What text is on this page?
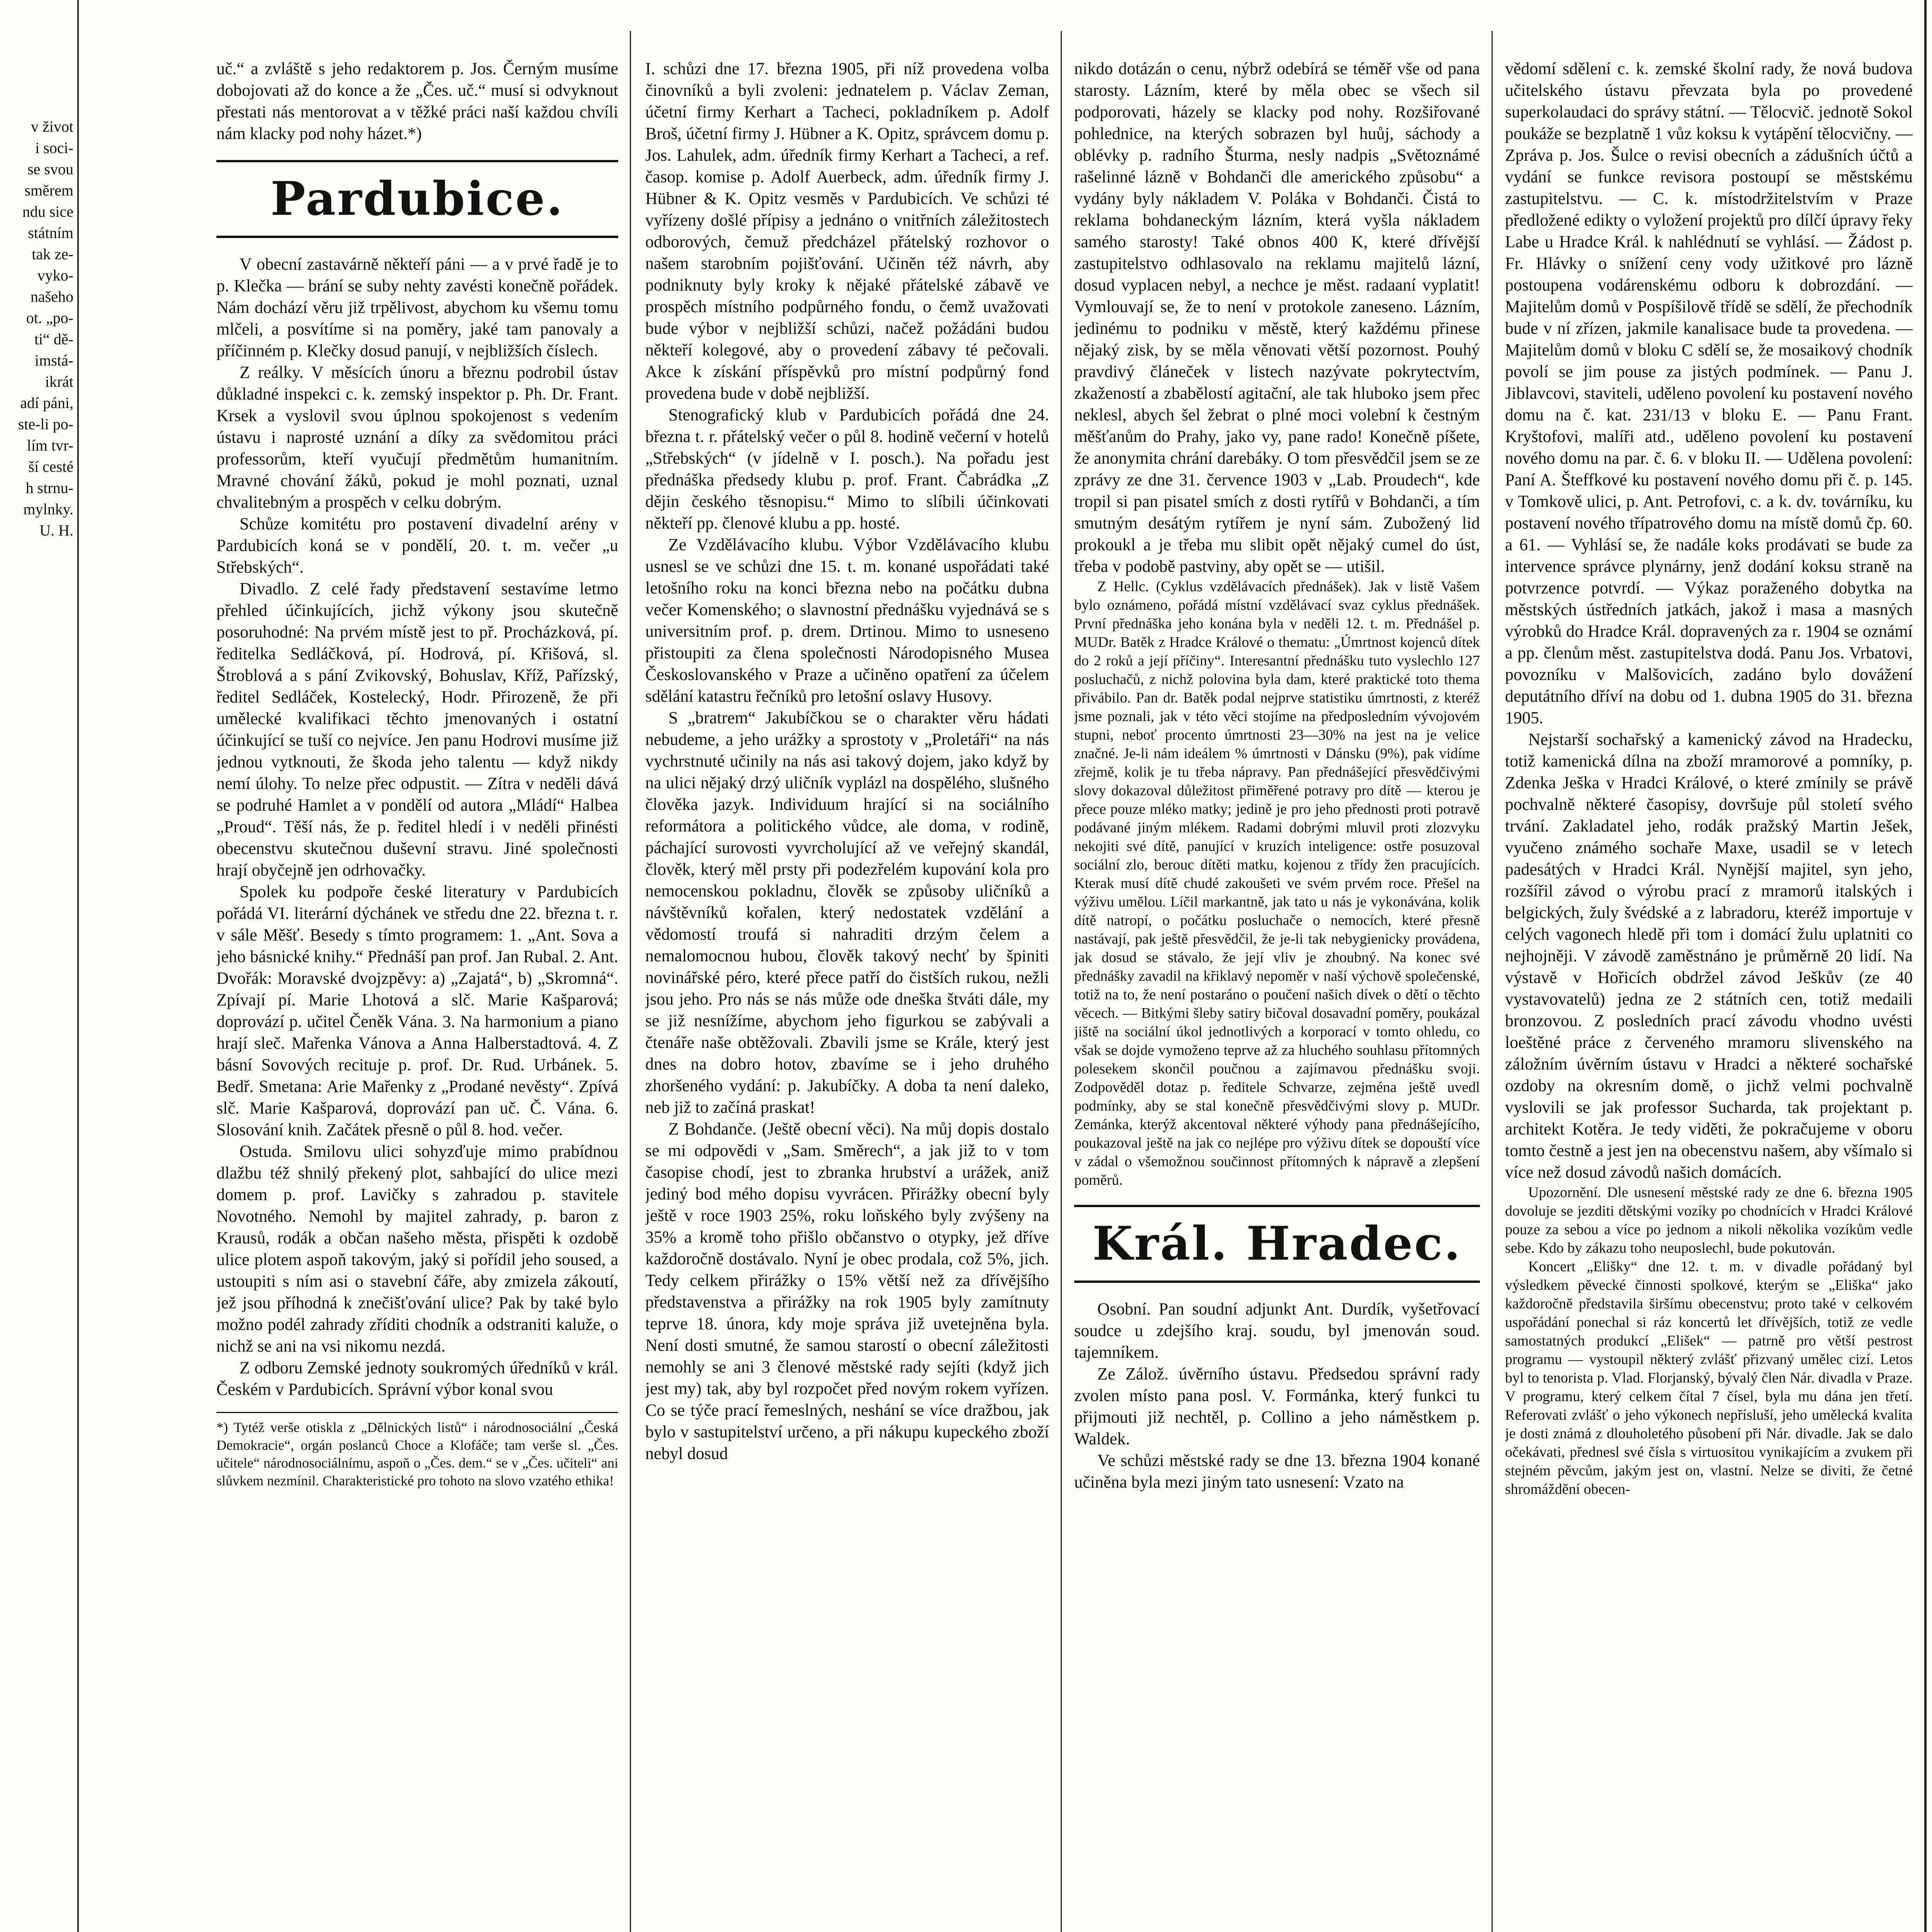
v život
i soci-
se svou
směrem
ndu sice
státním
tak ze-
vyko-
našeho
ot. „po-
ti“ dě-
imstá-
ikrát
adí páni,
ste-li po-
lím tvr-
ší cesté
h strnu-
mylnky.
U. H.

uč.“ a zvláště s jeho redaktorem p. Jos. Černým musíme dobojovati až do konce a že „Čes. uč.“ musí si odvyknout přestati nás mentorovat a v těžké práci naší každou chvíli nám klacky pod nohy házet.*)

Pardubice.

V obecní zastavárně někteří páni — a v prvé řadě je to p. Klečka — brání se suby nehty zavésti konečně pořádek. Nám dochází věru již trpělivost, abychom ku všemu tomu mlčeli, a posvítíme si na poměry, jaké tam panovaly a příčinném p. Klečky dosud panují, v nejbližších číslech.

Z reálky. V měsících únoru a březnu podrobil ústav důkladné inspekci c. k. zemský inspektor p. Ph. Dr. Frant. Krsek a vyslovil svou úplnou spokojenost s vedením ústavu i naprosté uznání a díky za svědomitou práci professorům, kteří vyučují předmětům humanitním. Mravné chování žáků, pokud je mohl poznati, uznal chvalitebným a prospěch v celku dobrým.

Schůze komitétu pro postavení divadelní arény v Pardubicích koná se v pondělí, 20. t. m. večer „u Střebských“.

Divadlo. Z celé řady představení sestavíme letmo přehled účinkujících, jichž výkony jsou skutečně posoruhodné: Na prvém místě jest to př. Procházková, pí. ředitelka Sedláčková, pí. Hodrová, pí. Křišová, sl. Štroblová a s pání Zvikovský, Bohuslav, Kříž, Pařízský, ředitel Sedláček, Kostelecký, Hodr. Přirozeně, že při umělecké kvalifikaci těchto jmenovaných i ostatní účinkující se tuší co nejvíce. Jen panu Hodrovi musíme již jednou vytknouti, že škoda jeho talentu — když nikdy nemí úlohy. To nelze přec odpustit. — Zítra v neděli dává se podruhé Hamlet a v pondělí od autora „Mládí“ Halbea „Proud“. Těší nás, že p. ředitel hledí i v neděli přinésti obecenstvu skutečnou duševní stravu. Jiné společnosti hrají obyčejně jen odrhovačky.

Spolek ku podpoře české literatury v Pardubicích pořádá VI. literární dýchánek ve středu dne 22. března t. r. v sále Měšť. Besedy s tímto programem: 1. „Ant. Sova a jeho básnické knihy.“ Přednáší pan prof. Jan Rubal. 2. Ant. Dvořák: Moravské dvojzpěvy: a) „Zajatá“, b) „Skromná“. Zpívají pí. Marie Lhotová a slč. Marie Kašparová; doprovází p. učitel Čeněk Vána. 3. Na harmonium a piano hrají sleč. Mařenka Vánova a Anna Halberstadtová. 4. Z básní Sovových recituje p. prof. Dr. Rud. Urbánek. 5. Bedř. Smetana: Arie Mařenky z „Prodané nevěsty“. Zpívá slč. Marie Kašparová, doprovází pan uč. Č. Vána. 6. Slosování knih. Začátek přesně o půl 8. hod. večer.

Ostuda. Smilovu ulici sohyzďuje mimo prabídnou dlažbu též shnilý překený plot, sahbající do ulice mezi domem p. prof. Lavičky s zahradou p. stavitele Novotného. Nemohl by majitel zahrady, p. baron z Krausů, rodák a občan našeho města, přispěti k ozdobě ulice plotem aspoň takovým, jaký si pořídil jeho soused, a ustoupiti s ním asi o stavební čáře, aby zmizela zákoutí, jež jsou příhodná k znečišťování ulice? Pak by také bylo možno podél zahrady zříditi chodník a odstraniti kaluže, o nichž se ani na vsi nikomu nezdá.

Z odboru Zemské jednoty soukromých úředníků v král. Českém v Pardubicích. Správní výbor konal svou

*) Tytéž verše otiskla z „Dělnických listů“ i národnosociální „Česká Demokracie“, orgán poslanců Choce a Klofáče; tam verše sl. „Čes. učitele“ národnosociálnímu, aspoň o „Čes. dem.“ se v „Čes. učiteli“ ani slůvkem nezmínil. Charakteristické pro tohoto na slovo vzatého ethika!

I. schůzi dne 17. března 1905, při níž provedena volba činovníků a byli zvoleni: jednatelem p. Václav Zeman, účetní firmy Kerhart a Tacheci, pokladníkem p. Adolf Broš, účetní firmy J. Hübner a K. Opitz, správcem domu p. Jos. Lahulek, adm. úředník firmy Kerhart a Tacheci, a ref. časop. komise p. Adolf Auerbeck, adm. úředník firmy J. Hübner & K. Opitz vesměs v Pardubicích. Ve schůzi té vyřízeny došlé přípisy a jednáno o vnitřních záležitostech odborových, čemuž předcházel přátelský rozhovor o našem starobním pojišťování. Učiněn též návrh, aby podniknuty byly kroky k nějaké přátelské zábavě ve prospěch místního podpůrného fondu, o čemž uvažovati bude výbor v nejbližší schůzi, načež požádáni budou někteří kolegové, aby o provedení zábavy té pečovali. Akce k získání příspěvků pro místní podpůrný fond provedena bude v době nejbližší.

Stenografický klub v Pardubicích pořádá dne 24. března t. r. přátelský večer o půl 8. hodině večerní v hotelů „Střebských“ (v jídelně v I. posch.). Na pořadu jest přednáška předsedy klubu p. prof. Frant. Čabrádka „Z dějin českého těsnopisu.“ Mimo to slíbili účinkovati někteří pp. členové klubu a pp. hosté.

Ze Vzdělávacího klubu. Výbor Vzdělávacího klubu usnesl se ve schůzi dne 15. t. m. konané uspořádati také letošního roku na konci března nebo na počátku dubna večer Komenského; o slavnostní přednášku vyjednává se s universitním prof. p. drem. Drtinou. Mimo to usneseno přistoupiti za člena společnosti Národopisného Musea Českoslovanského v Praze a učiněno opatření za účelem sdělání katastru řečníků pro letošní oslavy Husovy.

S „bratrem“ Jakubíčkou se o charakter věru hádati nebudeme, a jeho urážky a sprostoty v „Proletáři“ na nás vychrstnuté učinily na nás asi takový dojem, jako když by na ulici nějaký drzý uličník vyplázl na dospělého, slušného člověka jazyk. Individuum hrající si na sociálního reformátora a politického vůdce, ale doma, v rodině, páchající surovosti vyvrcholující až ve veřejný skandál, člověk, který měl prsty při podezřelém kupování kola pro nemocenskou pokladnu, člověk se způsoby uličníků a návštěvníků kořalen, který nedostatek vzdělání a vědomostí troufá si nahraditi drzým čelem a nemalomocnou hubou, člověk takový nechť by špiniti novinářské péro, které přece patří do čistších rukou, nežli jsou jeho. Pro nás se nás může ode dneška štváti dále, my se již nesnížíme, abychom jeho figurkou se zabývali a čtenáře naše obtěžovali. Zbavili jsme se Krále, který jest dnes na dobro hotov, zbavíme se i jeho druhého zhoršeného vydání: p. Jakubíčky. A doba ta není daleko, neb již to začíná praskat!

Z Bohdanče. (Ještě obecní věci). Na můj dopis dostalo se mi odpovědi v „Sam. Směrech“, a jak již to v tom časopise chodí, jest to zbranka hrubství a urážek, aniž jediný bod mého dopisu vyvrácen. Přirážky obecní byly ještě v roce 1903 25%, roku loňského byly zvýšeny na 35% a kromě toho přišlo občanstvo o otypky, jež dříve každoročně dostávalo. Nyní je obec prodala, což 5%, jich. Tedy celkem přirážky o 15% větší než za dřívějšího představenstva a přirážky na rok 1905 byly zamítnuty teprve 18. února, kdy moje správa již uvetejněna byla. Není dosti smutné, že samou starostí o obecní záležitosti nemohly se ani 3 členové městské rady sejíti (když jich jest my) tak, aby byl rozpočet před novým rokem vyřízen. Co se týče prací řemeslných, neshání se více dražbou, jak bylo v sastupitelství určeno, a při nákupu kupeckého zboží nebyl dosud

nikdo dotázán o cenu, nýbrž odebírá se téměř vše od pana starosty. Lázním, které by měla obec se všech sil podporovati, házely se klacky pod nohy. Rozšiřované pohlednice, na kterých sobrazen byl huůj, sáchody a oblévky p. radního Šturma, nesly nadpis „Světoznámé rašelinné lázně v Bohdanči dle amerického způsobu“ a vydány byly nákladem V. Poláka v Bohdanči. Čistá to reklama bohdaneckým lázním, která vyšla nákladem samého starosty! Také obnos 400 K, které dřívější zastupitelstvo odhlasovalo na reklamu majitelů lázní, dosud vyplacen nebyl, a nechce je měst. radaaní vyplatit! Vymlouvají se, že to není v protokole zaneseno. Lázním, jedinému to podniku v městě, který každému přinese nějaký zisk, by se měla věnovati větší pozornost. Pouhý pravdivý článeček v listech nazývate pokrytectvím, zkažeností a zbabělostí agitační, ale tak hluboko jsem přec neklesl, abych šel žebrat o plné moci volební k čestným měšťanům do Prahy, jako vy, pane rado! Konečně píšete, že anonymita chrání darebáky. O tom přesvědčil jsem se ze zprávy ze dne 31. července 1903 v „Lab. Proudech“, kde tropil si pan pisatel smích z dosti rytířů v Bohdanči, a tím smutným desátým rytířem je nyní sám. Zubožený lid prokoukl a je třeba mu slibit opět nějaký cumel do úst, třeba v podobě pastviny, aby opět se — utišil.

Z Hellc. (Cyklus vzdělávacích přednášek). Jak v listě Vašem bylo oznámeno, pořádá místní vzdělávací svaz cyklus přednášek. První přednáška jeho konána byla v neděli 12. t. m. Přednášel p. MUDr. Batěk z Hradce Králové o thematu: „Úmrtnost kojenců dítek do 2 roků a její příčiny“. Interesantní přednášku tuto vyslechlo 127 posluchačů, z nichž polovina byla dam, které praktické toto thema přivábilo. Pan dr. Batěk podal nejprve statistiku úmrtnosti, z kteréž jsme poznali, jak v této věci stojíme na předposledním vývojovém stupni, neboť procento úmrtnosti 23—30% na jest na je velice značné. Je-li nám ideálem % úmrtnosti v Dánsku (9%), pak vidíme zřejmě, kolik je tu třeba nápravy. Pan přednášející přesvědčivými slovy dokazoval důležitost přiměřené potravy pro dítě — kterou je přece pouze mléko matky; jedině je pro jeho přednosti proti potravě podávané jiným mlékem. Radami dobrými mluvil proti zlozvyku nekojiti své dítě, panující v kruzích inteligence: ostře posuzoval sociální zlo, berouc dítěti matku, kojenou z třídy žen pracujících. Kterak musí dítě chudé zakoušeti ve svém prvém roce. Přešel na výživu umělou. Líčil markantně, jak tato u nás je vykonávána, kolik dítě natropí, o počátku posluchače o nemocích, které přesně nastávají, pak ještě přesvědčil, že je-li tak nebygienicky provádena, jak dosud se stávalo, že její vliv je zhoubný. Na konec své přednášky zavadil na křiklavý nepoměr v naší výchově společenské, totiž na to, že není postaráno o poučení našich dívek o dětí o těchto věcech. — Bitkými šleby satiry bičoval dosavadní poměry, poukázal jiště na sociální úkol jednotlivých a korporací v tomto ohledu, co však se dojde vymoženo teprve až za hluchého souhlasu přítomných polesekem skončil poučnou a zajímavou přednášku svoji. Zodpověděl dotaz p. ředitele Schvarze, zejména ještě uvedl podmínky, aby se stal konečně přesvědčivými slovy p. MUDr. Zemánka, kterýž akcentoval některé výhody pana přednášejícího, poukazoval ještě na jak co nejlépe pro výživu dítek se dopouští více v zádal o všemožnou součinnost přítomných k nápravě a zlepšení poměrů.

Král. Hradec.

Osobní. Pan soudní adjunkt Ant. Durdík, vyšetřovací soudce u zdejšího kraj. soudu, byl jmenován soud. tajemníkem.

Ze Zálož. úvěrního ústavu. Předsedou správní rady zvolen místo pana posl. V. Formánka, který funkci tu přijmouti již nechtěl, p. Collino a jeho náměstkem p. Waldek.

Ve schůzi městské rady se dne 13. března 1904 konané učiněna byla mezi jiným tato usnesení: Vzato na

vědomí sdělení c. k. zemské školní rady, že nová budova učitelského ústavu převzata byla po provedené superkolaudaci do správy státní. — Tělocvič. jednotě Sokol poukáže se bezplatně 1 vůz koksu k vytápění tělocvičny. — Zpráva p. Jos. Šulce o revisi obecních a zádušních účtů a vydání se funkce revisora postoupí se městskému zastupitelstvu. — C. k. místodržitelstvím v Praze předložené edikty o vyložení projektů pro dílčí úpravy řeky Labe u Hradce Král. k nahlédnutí se vyhlásí. — Žádost p. Fr. Hlávky o snížení ceny vody užitkové pro lázně postoupena vodárenskému odboru k dobrozdání. — Majitelům domů v Pospíšilově třídě se sdělí, že přechodník bude v ní zřízen, jakmile kanalisace bude ta provedena. — Majitelům domů v bloku C sdělí se, že mosaikový chodník povolí se jim pouse za jistých podmínek. — Panu J. Jiblavcovi, staviteli, uděleno povolení ku postavení nového domu na č. kat. 231/13 v bloku E. — Panu Frant. Kryštofovi, malíři atd., uděleno povolení ku postavení nového domu na par. č. 6. v bloku II. — Udělena povolení: Paní A. Šteffkové ku postavení nového domu při č. p. 145. v Tomkově ulici, p. Ant. Petrofovi, c. a k. dv. továrníku, ku postavení nového třípatrového domu na místě domů čp. 60. a 61. — Vyhlásí se, že nadále koks prodávati se bude za intervence správce plynárny, jenž dodání koksu straně na potvrzence potvrdí. — Výkaz poraženého dobytka na městských ústředních jatkách, jakož i masa a masných výrobků do Hradce Král. dopravených za r. 1904 se oznámí a pp. členům měst. zastupitelstva dodá. Panu Jos. Vrbatovi, povozníku v Malšovicích, zadáno bylo dovážení deputátního dříví na dobu od 1. dubna 1905 do 31. března 1905.

Nejstarší sochařský a kamenický závod na Hradecku, totiž kamenická dílna na zboží mramorové a pomníky, p. Zdenka Ješka v Hradci Králové, o které zmínily se právě pochvalně některé časopisy, dovršuje půl století svého trvání. Zakladatel jeho, rodák pražský Martin Ješek, vyučeno známého sochaře Maxe, usadil se v letech padesátých v Hradci Král. Nynější majitel, syn jeho, rozšířil závod o výrobu prací z mramorů italských i belgických, žuly švédské a z labradoru, kteréž importuje v celých vagonech hledě při tom i domácí žulu uplatniti co nejhojněji. V závodě zaměstnáno je průměrně 20 lidí. Na výstavě v Hořicích obdržel závod Ješkův (ze 40 vystavovatelů) jedna ze 2 státních cen, totiž medaili bronzovou. Z posledních prací závodu vhodno uvésti loeštěné práce z červeného mramoru slivenského na záložním úvěrním ústavu v Hradci a některé sochařské ozdoby na okresním domě, o jichž velmi pochvalně vyslovili se jak professor Suchardа, tak projektant p. architekt Kotěra. Je tedy viděti, že pokračujeme v oboru tomto čestně a jest jen na obecenstvu našem, aby všímalo si více než dosud závodů našich domácích.

Upozornění. Dle usnesení městské rady ze dne 6. března 1905 dovoluje se jezditi dětskými vozíky po chodnících v Hradci Králové pouze za sebou a více po jednom a nikoli několika vozíkům vedle sebe. Kdo by zákazu toho neuposlechl, bude pokutován.

Koncert „Elišky“ dne 12. t. m. v divadle pořádaný byl výsledkem pěvecké činnosti spolkové, kterým se „Eliška“ jako každoročně představila širšímu obecenstvu; proto také v celkovém uspořádání ponechal si ráz koncertů let dřívějších, totiž ze vedle samostatných produkcí „Elišek“ — patrně pro větší pestrost programu — vystoupil některý zvlášť přizvaný umělec cizí. Letos byl to tenorista p. Vlad. Florjanský, bývalý člen Nár. divadla v Praze. V programu, který celkem čítal 7 čísel, byla mu dána jen třetí. Referovati zvlášť o jeho výkonech nepřísluší, jeho umělecká kvalita je dosti známá z dlouholetého působení při Nár. divadle. Jak se dalo očekávati, přednesl své čísla s virtuositou vynikajícím a zvukem při stejném pěvcům, jakým jest on, vlastní. Nelze se diviti, že četné shromáždění obecen-
